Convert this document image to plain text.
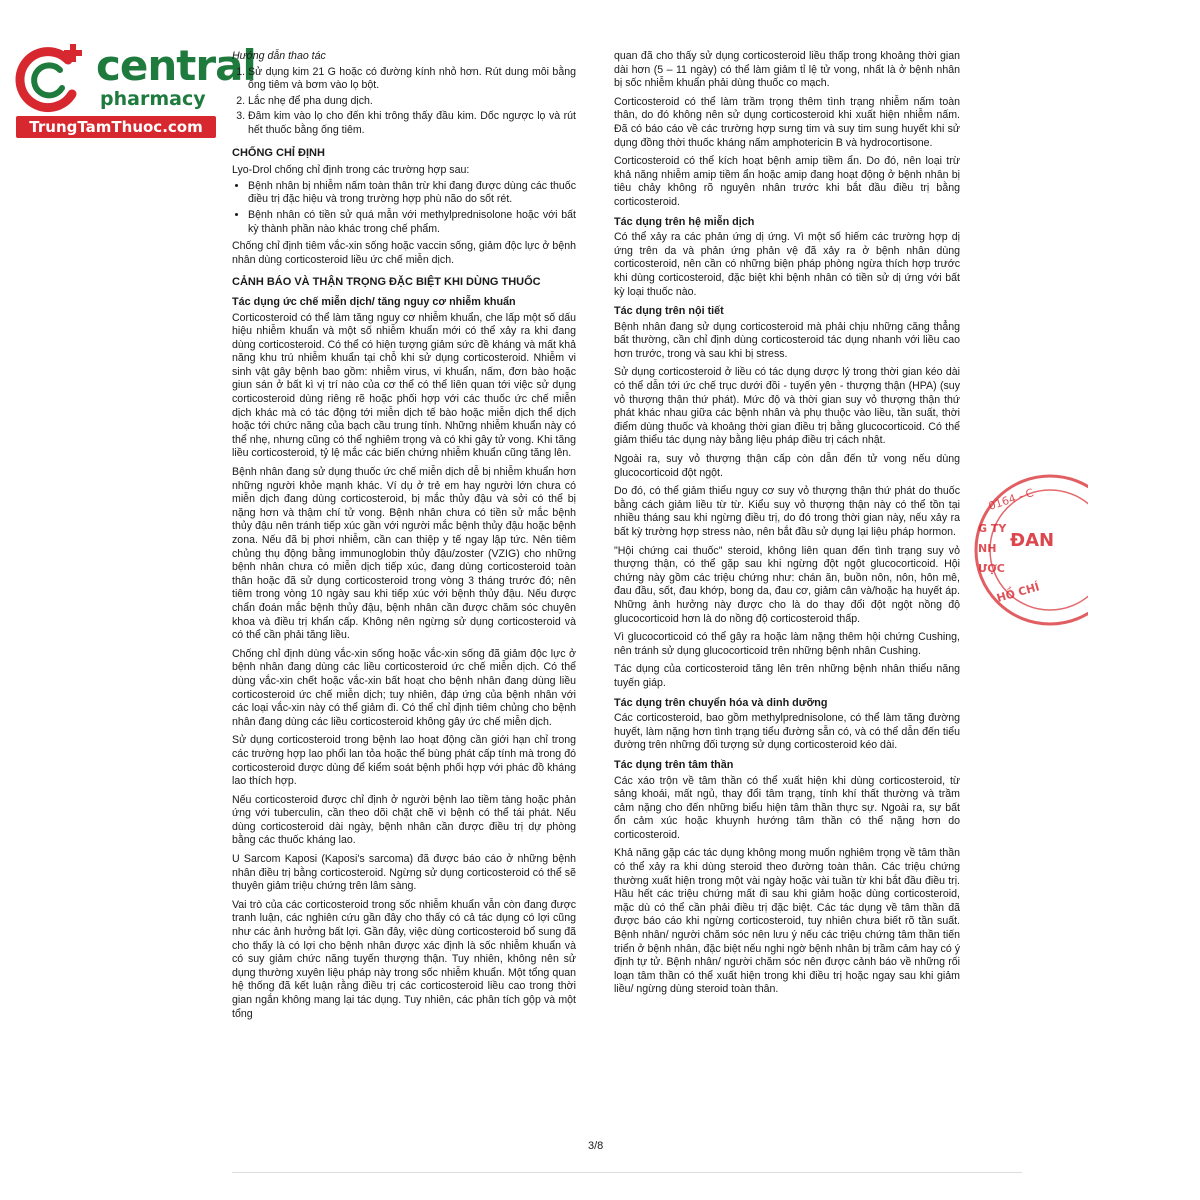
central
pharmacy
TrungTamThuoc.com

Hướng dẫn thao tác

1. Sử dụng kim 21 G hoặc có đường kính nhỏ hơn. Rút dung môi bằng ống tiêm và bơm vào lọ bột.
2. Lắc nhẹ để pha dung dịch.
3. Đâm kim vào lọ cho đến khi trông thấy đầu kim. Dốc ngược lọ và rút hết thuốc bằng ống tiêm.
CHỐNG CHỈ ĐỊNH

Lyo-Drol chống chỉ định trong các trường hợp sau:

• Bệnh nhân bị nhiễm nấm toàn thân trừ khi đang được dùng các thuốc điều trị đặc hiệu và trong trường hợp phù não do sốt rét.
• Bệnh nhân có tiền sử quá mẫn với methylprednisolone hoặc với bất kỳ thành phần nào khác trong chế phẩm.

Chống chỉ định tiêm vắc-xin sống hoặc vaccin sống, giảm độc lực ở bệnh nhân dùng corticosteroid liều ức chế miễn dịch.

CẢNH BÁO VÀ THẬN TRỌNG ĐẶC BIỆT KHI DÙNG THUỐC
Tác dụng ức chế miễn dịch/ tăng nguy cơ nhiễm khuẩn

Corticosteroid có thể làm tăng nguy cơ nhiễm khuẩn, che lấp một số dấu hiệu nhiễm khuẩn và một số nhiễm khuẩn mới có thể xảy ra khi đang dùng corticosteroid. Có thể có hiện tượng giảm sức đề kháng và mất khả năng khu trú nhiễm khuẩn tại chỗ khi sử dụng corticosteroid. Nhiễm vi sinh vật gây bệnh bao gồm: nhiễm virus, vi khuẩn, nấm, đơn bào hoặc giun sán ở bất kì vị trí nào của cơ thể có thể liên quan tới việc sử dụng corticosteroid dùng riêng rẽ hoặc phối hợp với các thuốc ức chế miễn dịch khác mà có tác động tới miễn dịch tế bào hoặc miễn dịch thể dịch hoặc tới chức năng của bạch cầu trung tính. Những nhiễm khuẩn này có thể nhẹ, nhưng cũng có thể nghiêm trọng và có khi gây tử vong. Khi tăng liều corticosteroid, tỷ lệ mắc các biến chứng nhiễm khuẩn cũng tăng lên.

Bệnh nhân đang sử dụng thuốc ức chế miễn dịch dễ bị nhiễm khuẩn hơn những người khỏe mạnh khác. Ví dụ ở trẻ em hay người lớn chưa có miễn dịch đang dùng corticosteroid, bị mắc thủy đậu và sởi có thể bị nặng hơn và thậm chí tử vong. Bệnh nhân chưa có tiền sử mắc bệnh thủy đậu nên tránh tiếp xúc gần với người mắc bệnh thủy đậu hoặc bệnh zona. Nếu đã bị phơi nhiễm, cần can thiệp y tế ngay lập tức. Nên tiêm chủng thụ động bằng immunoglobin thủy đậu/zoster (VZIG) cho những bệnh nhân chưa có miễn dịch tiếp xúc, đang dùng corticosteroid toàn thân hoặc đã sử dụng corticosteroid trong vòng 3 tháng trước đó; nên tiêm trong vòng 10 ngày sau khi tiếp xúc với bệnh thủy đậu. Nếu được chẩn đoán mắc bệnh thủy đậu, bệnh nhân cần được chăm sóc chuyên khoa và điều trị khẩn cấp. Không nên ngừng sử dụng corticosteroid và có thể cần phải tăng liều.

Chống chỉ định dùng vắc-xin sống hoặc vắc-xin sống đã giảm độc lực ở bệnh nhân đang dùng các liều corticosteroid ức chế miễn dịch. Có thể dùng vắc-xin chết hoặc vắc-xin bất hoạt cho bệnh nhân đang dùng liều corticosteroid ức chế miễn dịch; tuy nhiên, đáp ứng của bệnh nhân với các loại vắc-xin này có thể giảm đi. Có thể chỉ định tiêm chủng cho bệnh nhân đang dùng các liều corticosteroid không gây ức chế miễn dịch.

Sử dụng corticosteroid trong bệnh lao hoạt động cần giới hạn chỉ trong các trường hợp lao phổi lan tỏa hoặc thể bùng phát cấp tính mà trong đó corticosteroid được dùng để kiểm soát bệnh phối hợp với phác đồ kháng lao thích hợp.

Nếu corticosteroid được chỉ định ở người bệnh lao tiềm tàng hoặc phản ứng với tuberculin, cần theo dõi chặt chẽ vì bệnh có thể tái phát. Nếu dùng corticosteroid dài ngày, bệnh nhân cần được điều trị dự phòng bằng các thuốc kháng lao.

U Sarcom Kaposi (Kaposi's sarcoma) đã được báo cáo ở những bệnh nhân điều trị bằng corticosteroid. Ngừng sử dụng corticosteroid có thể sẽ thuyên giảm triệu chứng trên lâm sàng.

Vai trò của các corticosteroid trong sốc nhiễm khuẩn vẫn còn đang được tranh luận, các nghiên cứu gần đây cho thấy có cả tác dụng có lợi cũng như các ảnh hưởng bất lợi. Gần đây, việc dùng corticosteroid bổ sung đã cho thấy là có lợi cho bệnh nhân được xác định là sốc nhiễm khuẩn và có suy giảm chức năng tuyến thượng thận. Tuy nhiên, không nên sử dụng thường xuyên liệu pháp này trong sốc nhiễm khuẩn. Một tổng quan hệ thống đã kết luận rằng điều trị các corticosteroid liều cao trong thời gian ngắn không mang lại tác dụng. Tuy nhiên, các phân tích gộp và một tổng

quan đã cho thấy sử dụng corticosteroid liều thấp trong khoảng thời gian dài hơn (5 – 11 ngày) có thể làm giảm tỉ lệ tử vong, nhất là ở bệnh nhân bị sốc nhiễm khuẩn phải dùng thuốc co mạch.

Corticosteroid có thể làm trầm trọng thêm tình trạng nhiễm nấm toàn thân, do đó không nên sử dụng corticosteroid khi xuất hiện nhiễm nấm. Đã có báo cáo về các trường hợp sưng tim và suy tim sung huyết khi sử dụng đồng thời thuốc kháng nấm amphotericin B và hydrocortisone.

Corticosteroid có thể kích hoạt bệnh amip tiềm ẩn. Do đó, nên loại trừ khả năng nhiễm amip tiềm ẩn hoặc amip đang hoạt động ở bệnh nhân bị tiêu chảy không rõ nguyên nhân trước khi bắt đầu điều trị bằng corticosteroid.

Tác dụng trên hệ miễn dịch

Có thể xảy ra các phản ứng dị ứng. Vì một số hiếm các trường hợp dị ứng trên da và phản ứng phản vệ đã xảy ra ở bệnh nhân dùng corticosteroid, nên cần có những biện pháp phòng ngừa thích hợp trước khi dùng corticosteroid, đặc biệt khi bệnh nhân có tiền sử dị ứng với bất kỳ loại thuốc nào.

Tác dụng trên nội tiết

Bệnh nhân đang sử dụng corticosteroid mà phải chịu những căng thẳng bất thường, cần chỉ định dùng corticosteroid tác dụng nhanh với liều cao hơn trước, trong và sau khi bị stress.

Sử dụng corticosteroid ở liều có tác dụng dược lý trong thời gian kéo dài có thể dẫn tới ức chế trục dưới đồi - tuyến yên - thượng thận (HPA) (suy vỏ thượng thận thứ phát). Mức độ và thời gian suy vỏ thượng thận thứ phát khác nhau giữa các bệnh nhân và phụ thuộc vào liều, tần suất, thời điểm dùng thuốc và khoảng thời gian điều trị bằng glucocorticoid. Có thể giảm thiểu tác dụng này bằng liệu pháp điều trị cách nhật.

Ngoài ra, suy vỏ thượng thận cấp còn dẫn đến tử vong nếu dùng glucocorticoid đột ngột.

Do đó, có thể giảm thiểu nguy cơ suy vỏ thượng thận thứ phát do thuốc bằng cách giảm liều từ từ. Kiểu suy vỏ thượng thận này có thể tồn tại nhiều tháng sau khi ngừng điều trị, do đó trong thời gian này, nếu xảy ra bất kỳ trường hợp stress nào, nên bắt đầu sử dụng lại liệu pháp hormon.

"Hội chứng cai thuốc" steroid, không liên quan đến tình trạng suy vỏ thượng thận, có thể gặp sau khi ngừng đột ngột glucocorticoid. Hội chứng này gồm các triệu chứng như: chán ăn, buồn nôn, nôn, hôn mê, đau đầu, sốt, đau khớp, bong da, đau cơ, giảm cân và/hoặc hạ huyết áp. Những ảnh hưởng này được cho là do thay đổi đột ngột nồng độ glucocorticoid hơn là do nồng độ corticosteroid thấp.

Vì glucocorticoid có thể gây ra hoặc làm nặng thêm hội chứng Cushing, nên tránh sử dụng glucocorticoid trên những bệnh nhân Cushing.

Tác dụng của corticosteroid tăng lên trên những bệnh nhân thiểu năng tuyến giáp.

Tác dụng trên chuyển hóa và dinh dưỡng

Các corticosteroid, bao gồm methylprednisolone, có thể làm tăng đường huyết, làm nặng hơn tình trạng tiểu đường sẵn có, và có thể dẫn đến tiểu đường trên những đối tượng sử dụng corticosteroid kéo dài.

Tác dụng trên tâm thần

Các xáo trộn về tâm thần có thể xuất hiện khi dùng corticosteroid, từ sảng khoái, mất ngủ, thay đổi tâm trạng, tính khí thất thường và trầm cảm nặng cho đến những biểu hiện tâm thần thực sự. Ngoài ra, sự bất ổn cảm xúc hoặc khuynh hướng tâm thần có thể nặng hơn do corticosteroid.

Khả năng gặp các tác dụng không mong muốn nghiêm trọng về tâm thần có thể xảy ra khi dùng steroid theo đường toàn thân. Các triệu chứng thường xuất hiện trong một vài ngày hoặc vài tuần từ khi bắt đầu điều trị. Hầu hết các triệu chứng mất đi sau khi giảm hoặc dùng corticosteroid, mặc dù có thể cần phải điều trị đặc biệt. Các tác dụng về tâm thần đã được báo cáo khi ngừng corticosteroid, tuy nhiên chưa biết rõ tần suất. Bệnh nhân/ người chăm sóc nên lưu ý nếu các triệu chứng tâm thần tiến triển ở bệnh nhân, đặc biệt nếu nghi ngờ bệnh nhân bị trầm cảm hay có ý định tự tử. Bệnh nhân/ người chăm sóc nên được cảnh báo về những rối loạn tâm thần có thể xuất hiện trong khi điều trị hoặc ngay sau khi giảm liều/ ngừng dùng steroid toàn thân.

0164 - C
G TY
NH
ƯỢC
ĐAN
HỒ CHÍ
3/8
